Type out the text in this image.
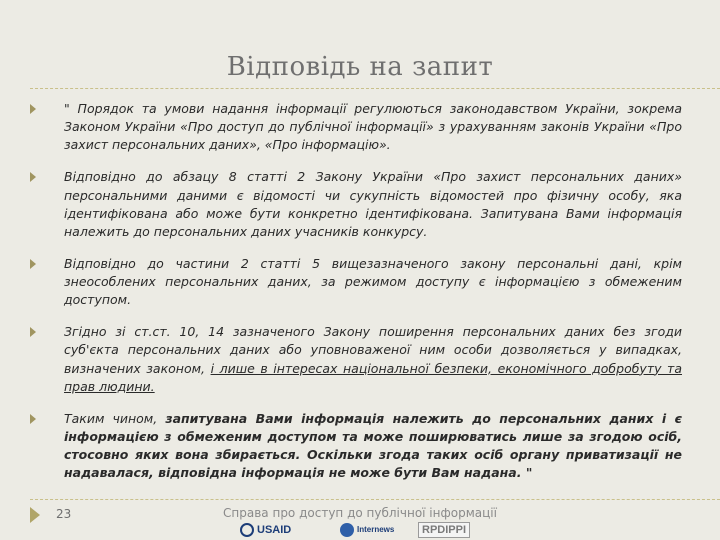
Відповідь на запит
" Порядок та умови надання інформації регулюються законодавством України, зокрема Законом України «Про доступ до публічної інформації» з урахуванням законів України «Про захист персональних даних», «Про інформацію».
Відповідно до абзацу 8 статті 2 Закону України «Про захист персональних даних» персональними даними є відомості чи сукупність відомостей про фізичну особу, яка ідентифікована або може бути конкретно ідентифікована. Запитувана Вами інформація належить до персональних даних учасників конкурсу.
Відповідно до частини 2 статті 5 вищезазначеного закону персональні дані, крім знеособлених персональних даних, за режимом доступу є інформацією з обмеженим доступом.
Згідно зі ст.ст. 10, 14 зазначеного Закону поширення персональних даних без згоди суб'єкта персональних даних або уповноваженої ним особи дозволяється у випадках, визначених законом, і лише в інтересах національної безпеки, економічного добробуту та прав людини.
Таким чином, запитувана Вами інформація належить до персональних даних і є інформацією з обмеженим доступом та може поширюватись лише за згодою осіб, стосовно яких вона збирається. Оскільки згода таких осіб органу приватизації не надавалася, відповідна інформація не може бути Вам надана. "
23	Справа про доступ до публічної інформації
USAID	Internews	RPDIPPI
